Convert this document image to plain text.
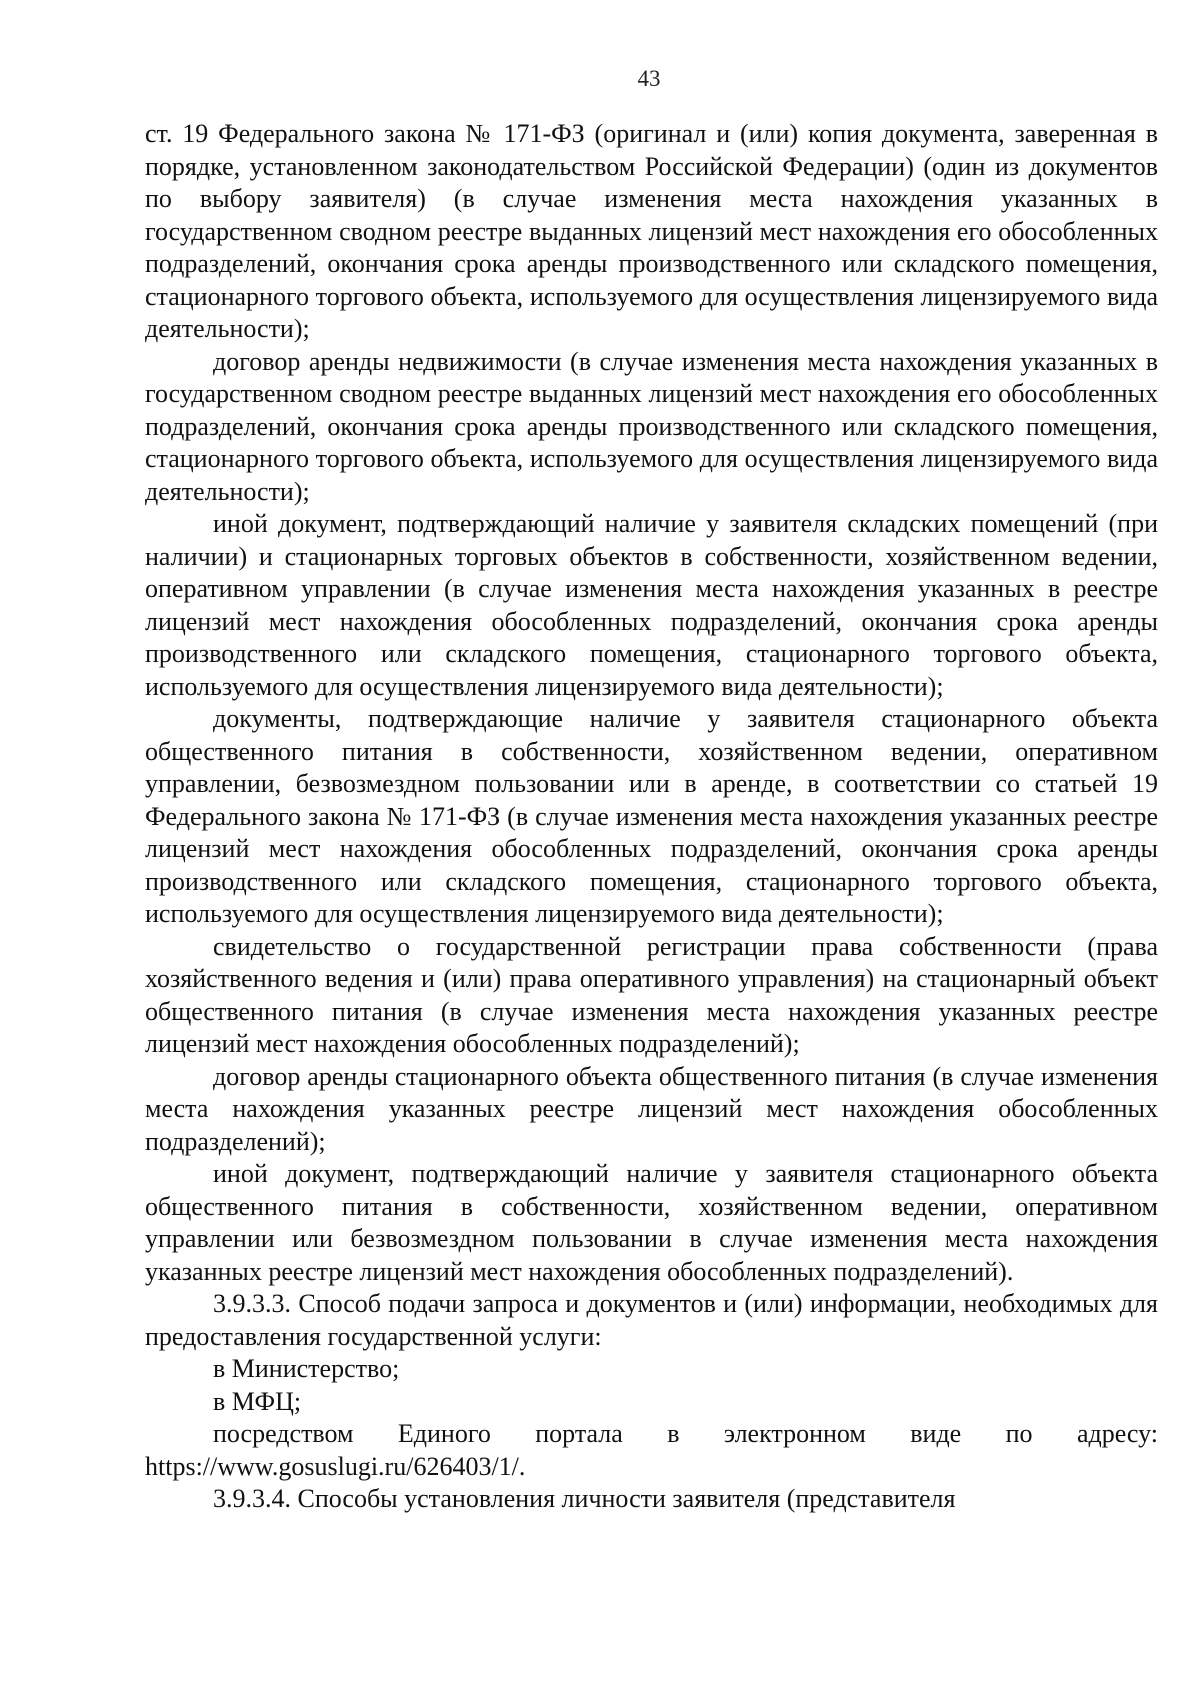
43

ст. 19 Федерального закона № 171-ФЗ (оригинал и (или) копия документа, заверенная в порядке, установленном законодательством Российской Федерации) (один из документов по выбору заявителя) (в случае изменения места нахождения указанных в государственном сводном реестре выданных лицензий мест нахождения его обособленных подразделений, окончания срока аренды производственного или складского помещения, стационарного торгового объекта, используемого для осуществления лицензируемого вида деятельности);

договор аренды недвижимости (в случае изменения места нахождения указанных в государственном сводном реестре выданных лицензий мест нахождения его обособленных подразделений, окончания срока аренды производственного или складского помещения, стационарного торгового объекта, используемого для осуществления лицензируемого вида деятельности);

иной документ, подтверждающий наличие у заявителя складских помещений (при наличии) и стационарных торговых объектов в собственности, хозяйственном ведении, оперативном управлении (в случае изменения места нахождения указанных в реестре лицензий мест нахождения обособленных подразделений, окончания срока аренды производственного или складского помещения, стационарного торгового объекта, используемого для осуществления лицензируемого вида деятельности);

документы, подтверждающие наличие у заявителя стационарного объекта общественного питания в собственности, хозяйственном ведении, оперативном управлении, безвозмездном пользовании или в аренде, в соответствии со статьей 19 Федерального закона № 171-ФЗ (в случае изменения места нахождения указанных реестре лицензий мест нахождения обособленных подразделений, окончания срока аренды производственного или складского помещения, стационарного торгового объекта, используемого для осуществления лицензируемого вида деятельности);

свидетельство о государственной регистрации права собственности (права хозяйственного ведения и (или) права оперативного управления) на стационарный объект общественного питания (в случае изменения места нахождения указанных реестре лицензий мест нахождения обособленных подразделений);

договор аренды стационарного объекта общественного питания (в случае изменения места нахождения указанных реестре лицензий мест нахождения обособленных подразделений);

иной документ, подтверждающий наличие у заявителя стационарного объекта общественного питания в собственности, хозяйственном ведении, оперативном управлении или безвозмездном пользовании в случае изменения места нахождения указанных реестре лицензий мест нахождения обособленных подразделений).

3.9.3.3. Способ подачи запроса и документов и (или) информации, необходимых для предоставления государственной услуги:

в Министерство;

в МФЦ;

посредством Единого портала в электронном виде по адресу: https://www.gosuslugi.ru/626403/1/.

3.9.3.4. Способы установления личности заявителя (представителя
